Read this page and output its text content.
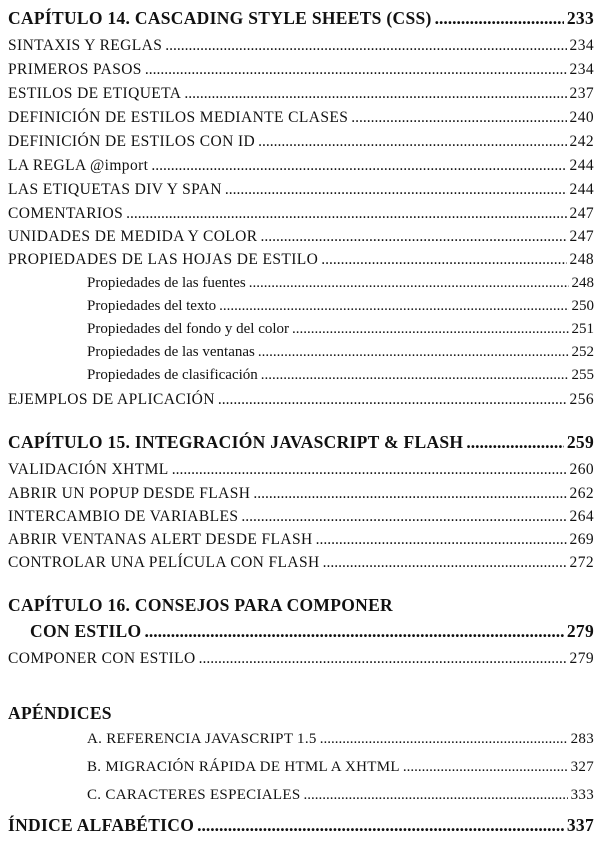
CAPÍTULO 14. CASCADING STYLE SHEETS (CSS) .....	233
SINTAXIS Y REGLAS .....	234
PRIMEROS PASOS .....	234
ESTILOS DE ETIQUETA .....	237
DEFINICIÓN DE ESTILOS MEDIANTE CLASES .....	240
DEFINICIÓN DE ESTILOS CON ID .....	242
LA REGLA @import .....	244
LAS ETIQUETAS DIV Y SPAN .....	244
COMENTARIOS .....	247
UNIDADES DE MEDIDA Y COLOR .....	247
PROPIEDADES DE LAS HOJAS DE ESTILO .....	248
Propiedades de las fuentes .....	248
Propiedades del texto .....	250
Propiedades del fondo y del color .....	251
Propiedades de las ventanas .....	252
Propiedades de clasificación .....	255
EJEMPLOS DE APLICACIÓN .....	256
CAPÍTULO 15. INTEGRACIÓN JAVASCRIPT & FLASH .....	259
VALIDACIÓN XHTML .....	260
ABRIR UN POPUP DESDE FLASH .....	262
INTERCAMBIO DE VARIABLES .....	264
ABRIR VENTANAS ALERT DESDE FLASH .....	269
CONTROLAR UNA PELÍCULA CON FLASH .....	272
CAPÍTULO 16. CONSEJOS PARA COMPONER
CON ESTILO .....	279
COMPONER CON ESTILO .....	279
APÉNDICES
A. REFERENCIA JAVASCRIPT 1.5 .....	283
B. MIGRACIÓN RÁPIDA DE HTML A XHTML .....	327
C. CARACTERES ESPECIALES .....	333
ÍNDICE ALFABÉTICO .....	337
